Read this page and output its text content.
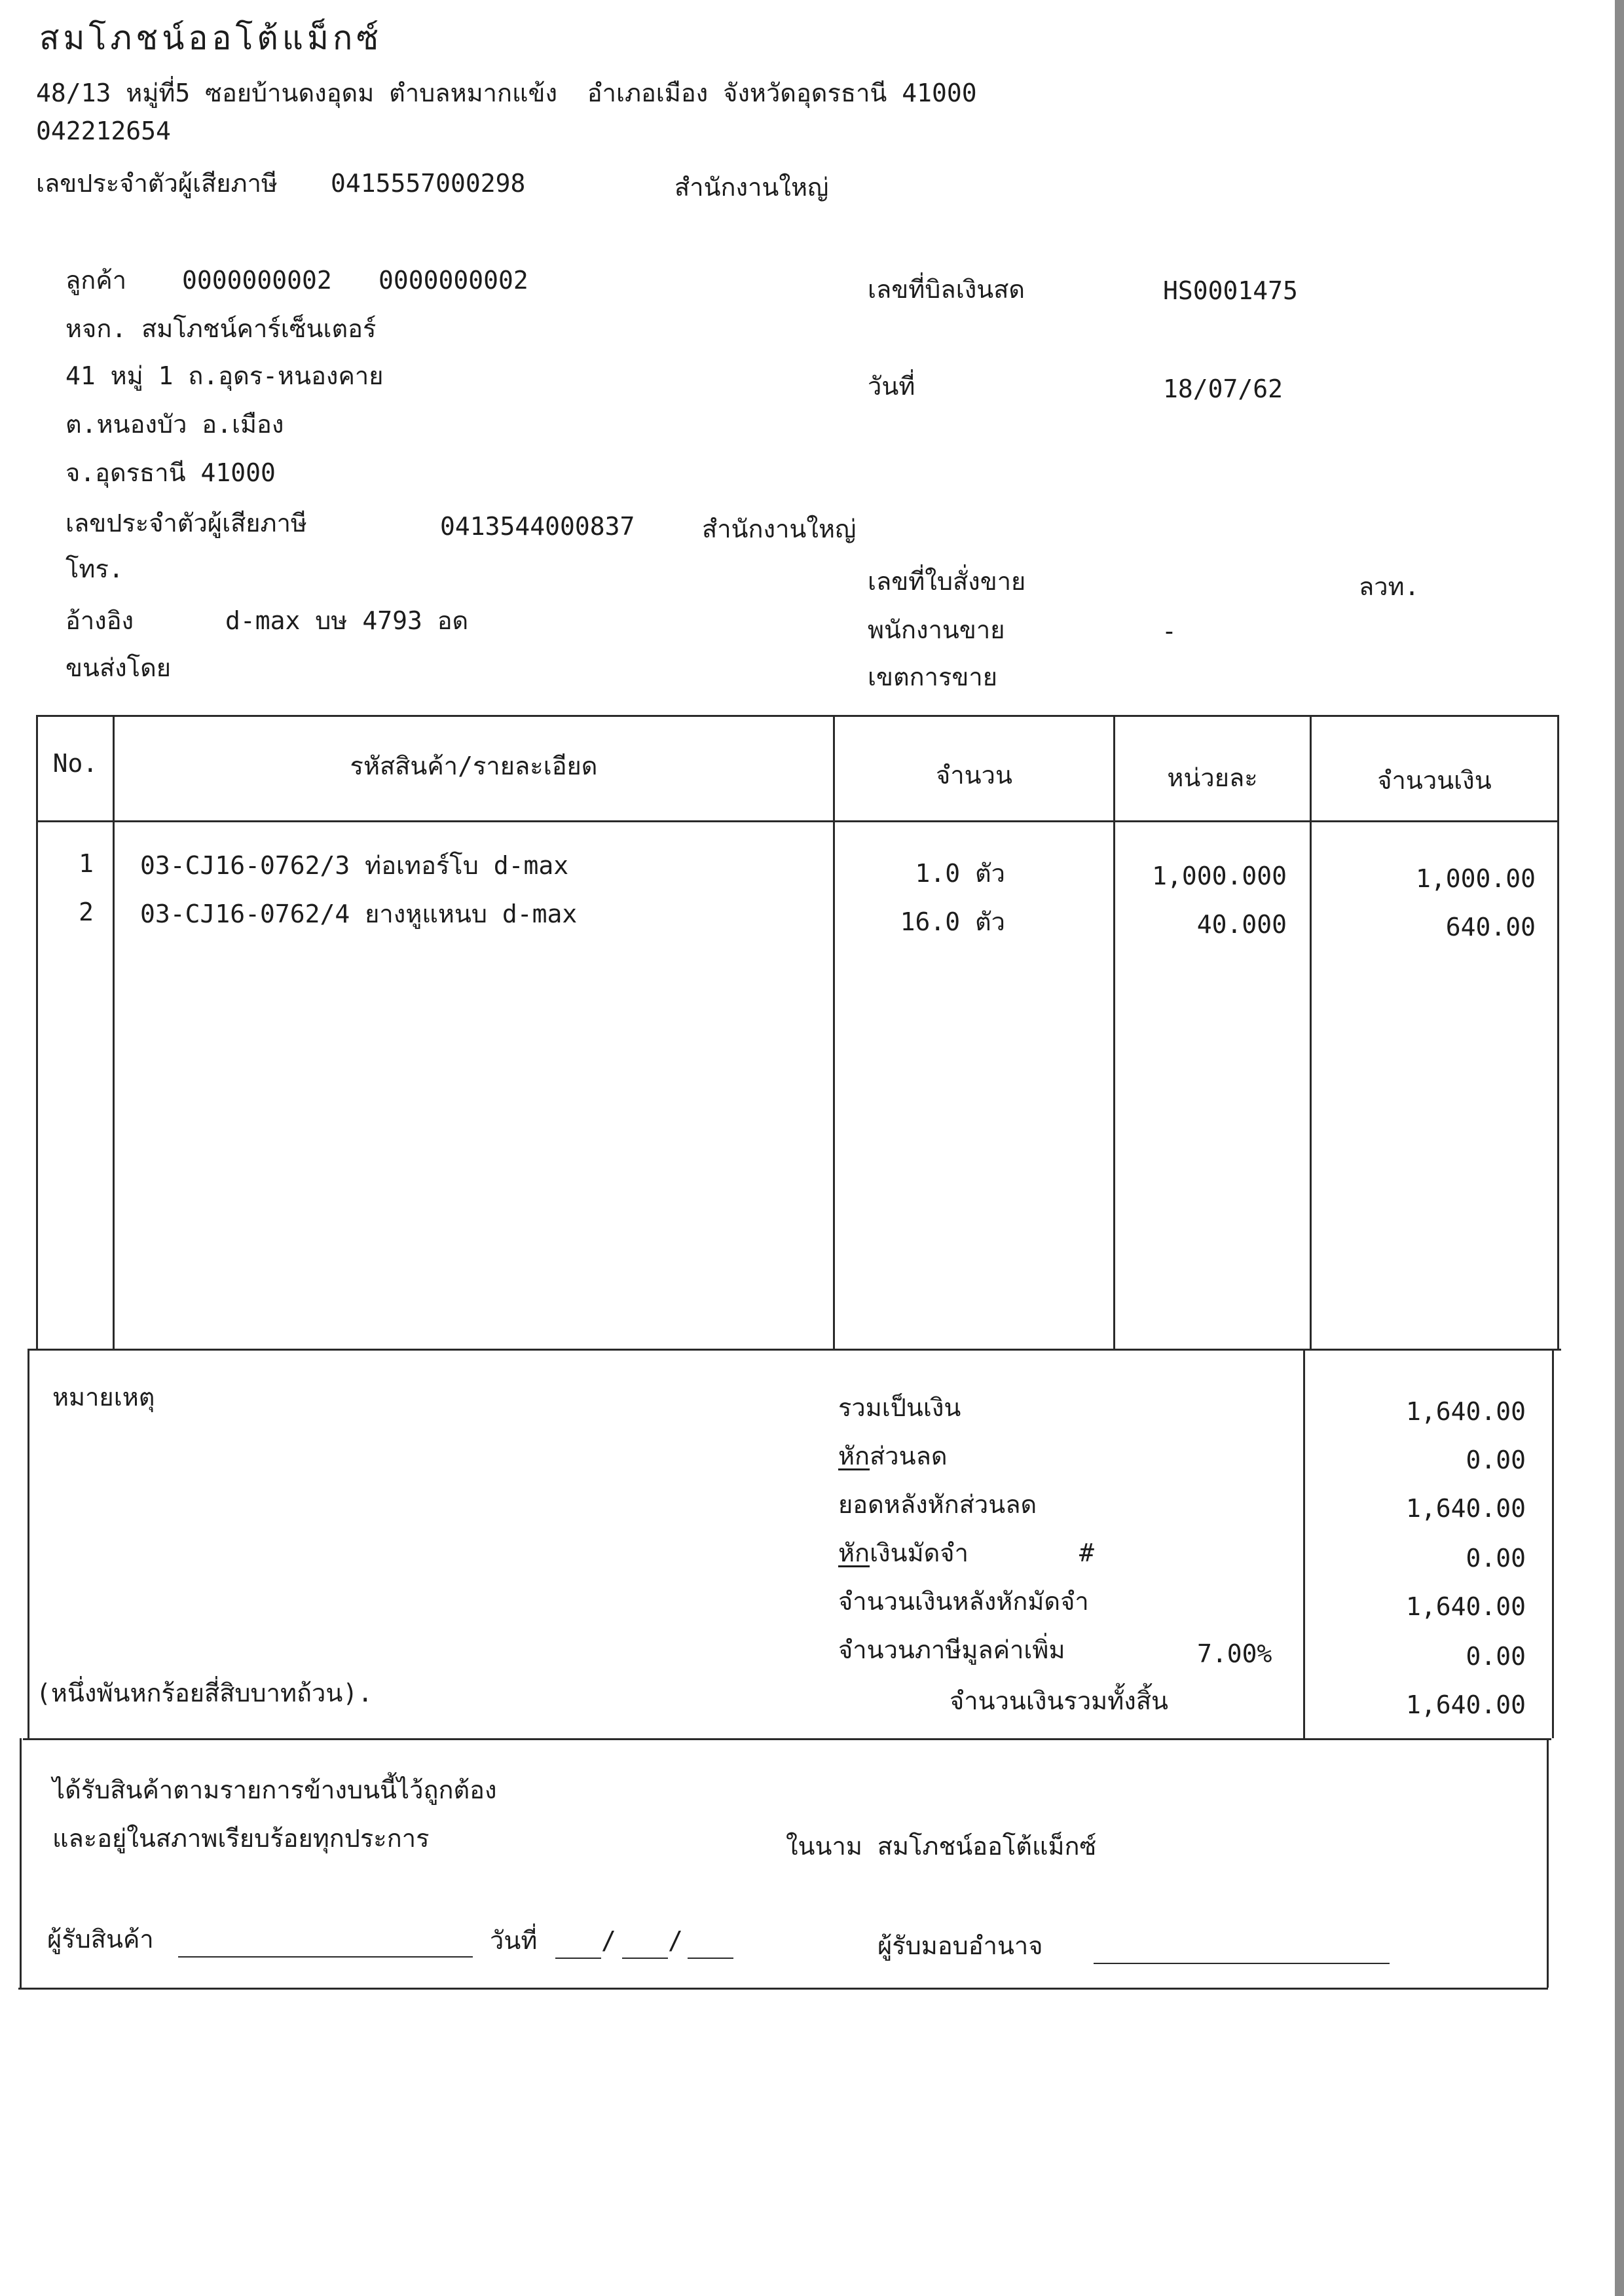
สมโภชน์ออโต้แม็กซ์
48/13 หมู่ที่5 ซอยบ้านดงอุดม ตำบลหมากแข้ง  อำเภอเมือง จังหวัดอุดรธานี 41000
042212654
เลขประจำตัวผู้เสียภาษี 0415557000298	สำนักงานใหญ่
ลูกค้า 0000000002 0000000002
หจก. สมโภชน์คาร์เซ็นเตอร์
41 หมู่ 1 ถ.อุดร-หนองคาย
ต.หนองบัว อ.เมือง
จ.อุดรธานี 41000
เลขประจำตัวผู้เสียภาษี	0413544000837	สำนักงานใหญ่
โทร.
อ้างอิง	d-max บษ 4793 อด
ขนส่งโดย
เลขที่บิลเงินสด	HS0001475
วันที่	18/07/62
เลขที่ใบสั่งขาย	ลวท.
พนักงานขาย	-
เขตการขาย
No.	รหัสสินค้า/รายละเอียด	จำนวน	หน่วยละ	จำนวนเงิน
1 03-CJ16-0762/3 ท่อเทอร์โบ d-max	1.0 ตัว	1,000.000	1,000.00
2 03-CJ16-0762/4 ยางหูแหนบ d-max	16.0 ตัว	40.000	640.00
หมายเหตุ	รวมเป็นเงิน	1,640.00
หักส่วนลด	0.00
ยอดหลังหักส่วนลด	1,640.00
หักเงินมัดจำ	#	0.00
จำนวนเงินหลังหักมัดจำ	1,640.00
จำนวนภาษีมูลค่าเพิ่ม	7.00%	0.00
(หนึ่งพันหกร้อยสี่สิบบาทถ้วน).	จำนวนเงินรวมทั้งสิ้น	1,640.00
ได้รับสินค้าตามรายการข้างบนนี้ไว้ถูกต้อง
และอยู่ในสภาพเรียบร้อยทุกประการ	ในนาม สมโภชน์ออโต้แม็กซ์
ผู้รับสินค้า	วันที่	/ /	ผู้รับมอบอำนาจ
